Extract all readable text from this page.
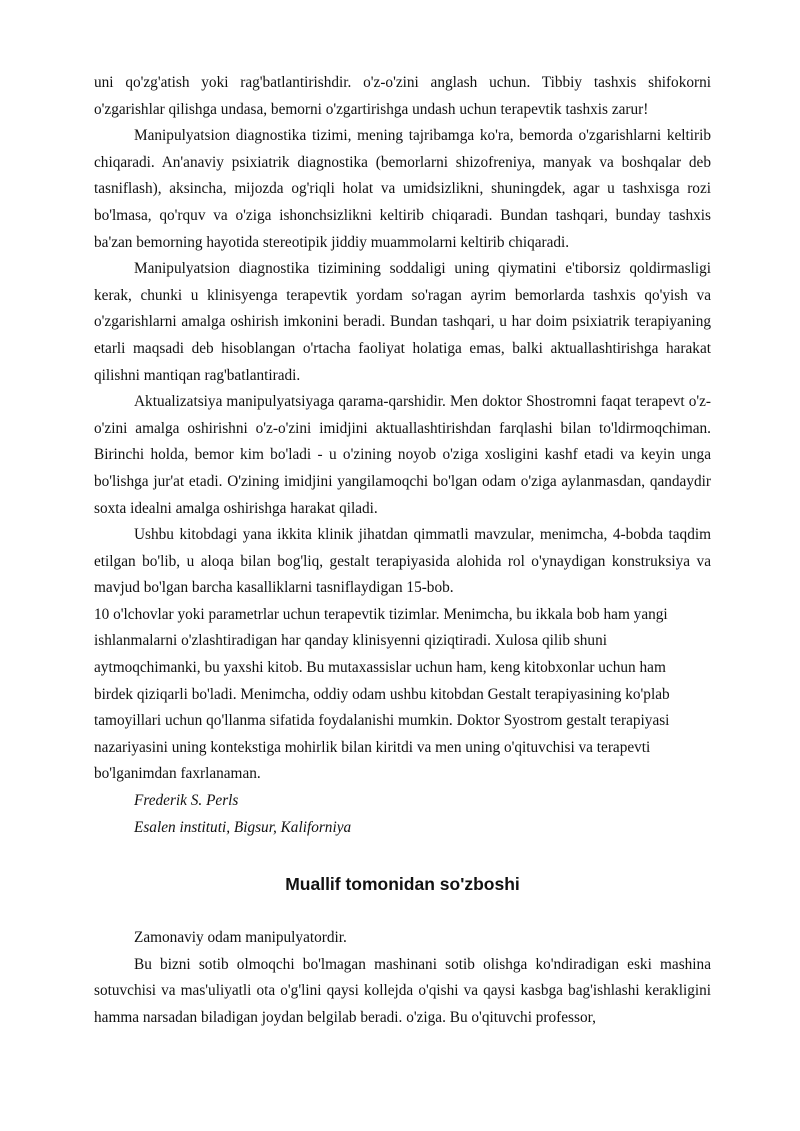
uni qo'zg'atish yoki rag'batlantirishdir. o'z-o'zini anglash uchun. Tibbiy tashxis shifokorni o'zgarishlar qilishga undasa, bemorni o'zgartirishga undash uchun terapevtik tashxis zarur!

Manipulyatsion diagnostika tizimi, mening tajribamga ko'ra, bemorda o'zgarishlarni keltirib chiqaradi. An'anaviy psixiatrik diagnostika (bemorlarni shizofreniya, manyak va boshqalar deb tasniflash), aksincha, mijozda og'riqli holat va umidsizlikni, shuningdek, agar u tashxisga rozi bo'lmasa, qo'rquv va o'ziga ishonchsizlikni keltirib chiqaradi. Bundan tashqari, bunday tashxis ba'zan bemorning hayotida stereotipik jiddiy muammolarni keltirib chiqaradi.

Manipulyatsion diagnostika tizimining soddaligi uning qiymatini e'tiborsiz qoldirmasligi kerak, chunki u klinisyenga terapevtik yordam so'ragan ayrim bemorlarda tashxis qo'yish va o'zgarishlarni amalga oshirish imkonini beradi. Bundan tashqari, u har doim psixiatrik terapiyaning etarli maqsadi deb hisoblangan o'rtacha faoliyat holatiga emas, balki aktuallashtirishga harakat qilishni mantiqan rag'batlantiradi.

Aktualizatsiya manipulyatsiyaga qarama-qarshidir. Men doktor Shostromni faqat terapevt o'z-o'zini amalga oshirishni o'z-o'zini imidjini aktuallashtirishdan farqlashi bilan to'ldirmoqchiman. Birinchi holda, bemor kim bo'ladi - u o'zining noyob o'ziga xosligini kashf etadi va keyin unga bo'lishga jur'at etadi. O'zining imidjini yangilamoqchi bo'lgan odam o'ziga aylanmasdan, qandaydir soxta idealni amalga oshirishga harakat qiladi.

Ushbu kitobdagi yana ikkita klinik jihatdan qimmatli mavzular, menimcha, 4-bobda taqdim etilgan bo'lib, u aloqa bilan bog'liq, gestalt terapiyasida alohida rol o'ynaydigan konstruksiya va mavjud bo'lgan barcha kasalliklarni tasniflaydigan 15-bob.

10 o'lchovlar yoki parametrlar uchun terapevtik tizimlar. Menimcha, bu ikkala bob ham yangi
ishlanmalarni o'zlashtiradigan har qanday klinisyenni qiziqtiradi. Xulosa qilib shuni
aytmoqchimanki, bu yaxshi kitob. Bu mutaxassislar uchun ham, keng kitobxonlar uchun ham
birdek qiziqarli bo'ladi. Menimcha, oddiy odam ushbu kitobdan Gestalt terapiyasining ko'plab
tamoyillari uchun qo'llanma sifatida foydalanishi mumkin. Doktor Syostrom gestalt terapiyasi
nazariyasini uning kontekstiga mohirlik bilan kiritdi va men uning o'qituvchisi va terapevti
bo'lganimdan faxrlanaman.
Frederik S. Perls
Esalen instituti, Bigsur, Kaliforniya
Muallif tomonidan so'zboshi

Zamonaviy odam manipulyatordir.

Bu bizni sotib olmoqchi bo'lmagan mashinani sotib olishga ko'ndiradigan eski mashina sotuvchisi va mas'uliyatli ota o'g'lini qaysi kollejda o'qishi va qaysi kasbga bag'ishlashi kerakligini hamma narsadan biladigan joydan belgilab beradi. o'ziga. Bu o'qituvchi professor,
